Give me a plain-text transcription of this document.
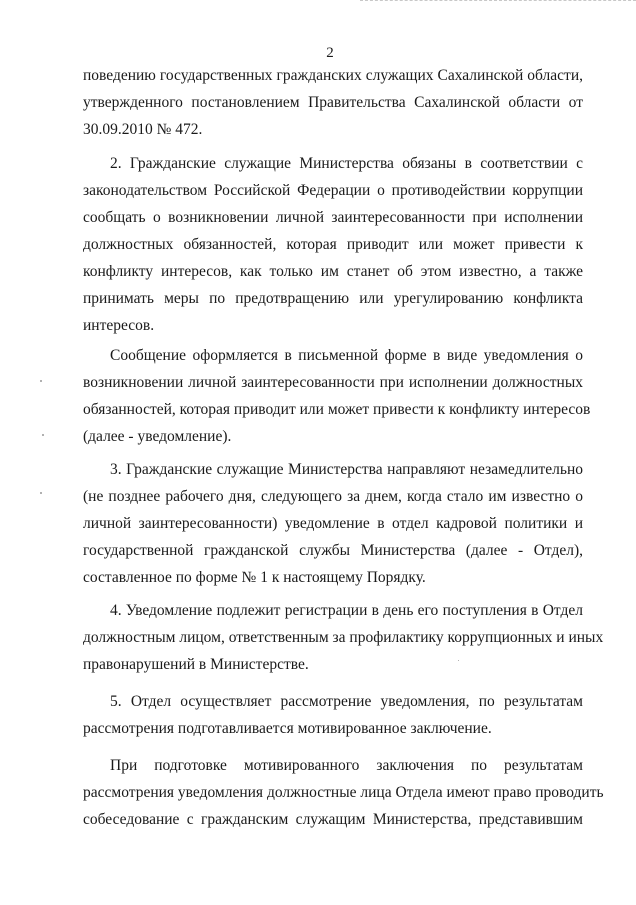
2
поведению государственных гражданских служащих Сахалинской области,
утвержденного постановлением Правительства Сахалинской области от
30.09.2010 № 472.
2. Гражданские служащие Министерства обязаны в соответствии с
законодательством Российской Федерации о противодействии коррупции
сообщать о возникновении личной заинтересованности при исполнении
должностных обязанностей, которая приводит или может привести к
конфликту интересов, как только им станет об этом известно, а также
принимать меры по предотвращению или урегулированию конфликта
интересов.
Сообщение оформляется в письменной форме в виде уведомления о
возникновении личной заинтересованности при исполнении должностных
обязанностей, которая приводит или может привести к конфликту интересов
(далее - уведомление).
3. Гражданские служащие Министерства направляют незамедлительно
(не позднее рабочего дня, следующего за днем, когда стало им известно о
личной заинтересованности) уведомление в отдел кадровой политики и
государственной гражданской службы Министерства (далее - Отдел),
составленное по форме № 1 к настоящему Порядку.
4. Уведомление подлежит регистрации в день его поступления в Отдел
должностным лицом, ответственным за профилактику коррупционных и иных
правонарушений в Министерстве.
5. Отдел осуществляет рассмотрение уведомления, по результатам
рассмотрения подготавливается мотивированное заключение.
При подготовке мотивированного заключения по результатам
рассмотрения уведомления должностные лица Отдела имеют право проводить
собеседование с гражданским служащим Министерства, представившим
